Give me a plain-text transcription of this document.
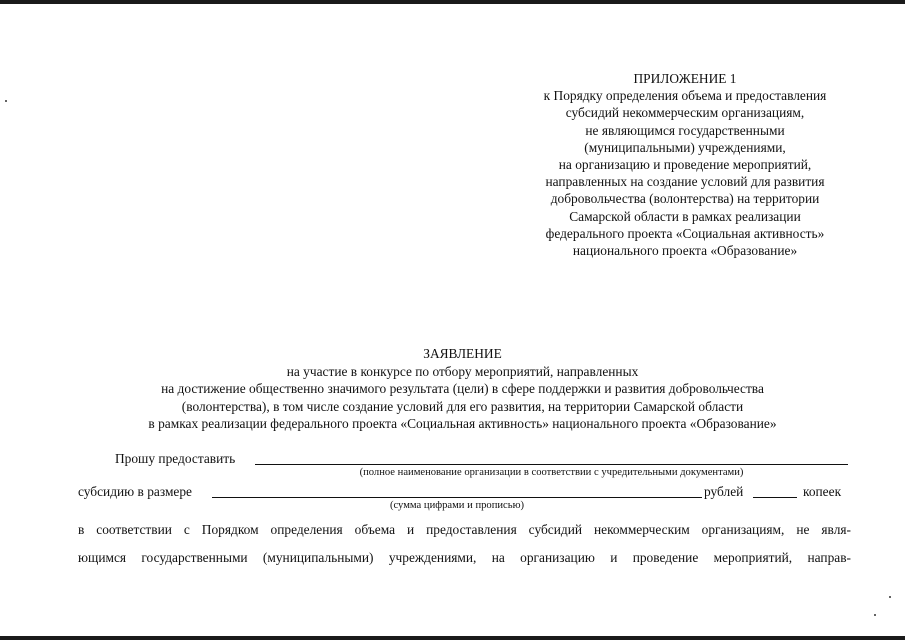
ПРИЛОЖЕНИЕ 1
к Порядку определения объема и предоставления
субсидий некоммерческим организациям,
не являющимся государственными
(муниципальными) учреждениями,
на организацию и проведение мероприятий,
направленных на создание условий для развития
добровольчества (волонтерства) на территории
Самарской области в рамках реализации
федерального проекта «Социальная активность»
национального проекта «Образование»
ЗАЯВЛЕНИЕ
на участие в конкурсе по отбору мероприятий, направленных
на достижение общественно значимого результата (цели) в сфере поддержки и развития добровольчества
(волонтерства), в том числе создание условий для его развития, на территории Самарской области
в рамках реализации федерального проекта «Социальная активность» национального проекта «Образование»
Прошу предоставить
(полное наименование организации в соответствии с учредительными документами)
субсидию в размере	рублей	копеек
(сумма цифрами и прописью)
в соответствии с Порядком определения объема и предоставления субсидий некоммерческим организациям, не явля-
ющимся государственными (муниципальными) учреждениями, на организацию и проведение мероприятий, направ-
